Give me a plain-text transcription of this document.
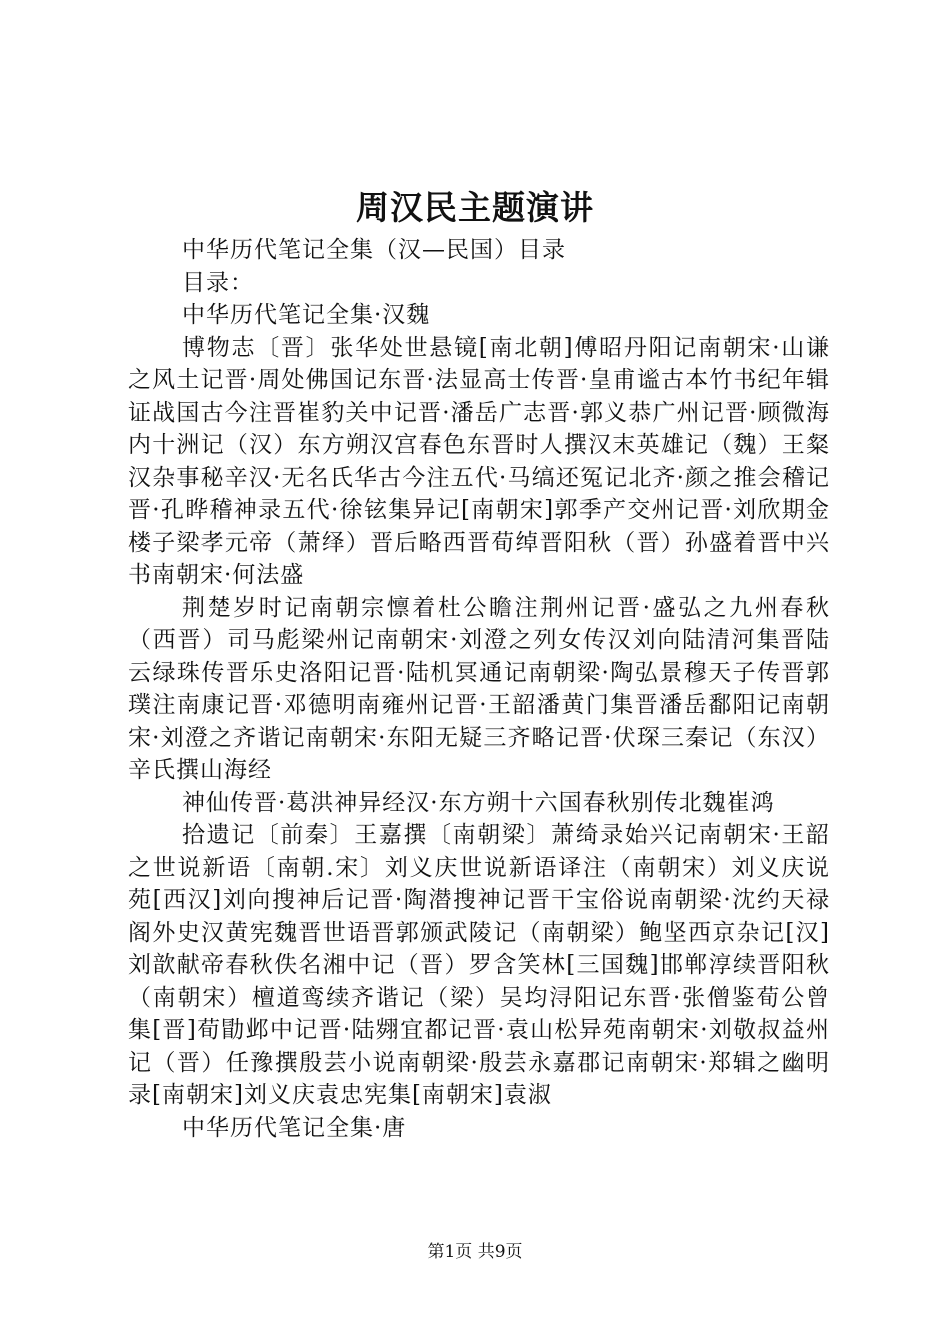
周汉民主题演讲

中华历代笔记全集（汉—民国）目录

目录：

中华历代笔记全集·汉魏

博物志〔晋〕张华处世悬镜[南北朝]傅昭丹阳记南朝宋·山谦之风土记晋·周处佛国记东晋·法显高士传晋·皇甫谧古本竹书纪年辑证战国古今注晋崔豹关中记晋·潘岳广志晋·郭义恭广州记晋·顾微海内十洲记（汉）东方朔汉宫春色东晋时人撰汉末英雄记（魏）王粲汉杂事秘辛汉·无名氏华古今注五代·马缟还冤记北齐·颜之推会稽记晋·孔晔稽神录五代·徐铉集异记[南朝宋]郭季产交州记晋·刘欣期金楼子梁孝元帝（萧绎）晋后略西晋荀绰晋阳秋（晋）孙盛着晋中兴书南朝宋·何法盛

荆楚岁时记南朝宗懔着杜公瞻注荆州记晋·盛弘之九州春秋（西晋）司马彪梁州记南朝宋·刘澄之列女传汉刘向陆清河集晋陆云绿珠传晋乐史洛阳记晋·陆机冥通记南朝梁·陶弘景穆天子传晋郭璞注南康记晋·邓德明南雍州记晋·王韶潘黄门集晋潘岳鄱阳记南朝宋·刘澄之齐谐记南朝宋·东阳无疑三齐略记晋·伏琛三秦记（东汉）辛氏撰山海经

神仙传晋·葛洪神异经汉·东方朔十六国春秋别传北魏崔鸿

拾遗记〔前秦〕王嘉撰〔南朝梁〕萧绮录始兴记南朝宋·王韶之世说新语〔南朝.宋〕刘义庆世说新语译注（南朝宋）刘义庆说苑[西汉]刘向搜神后记晋·陶潜搜神记晋干宝俗说南朝梁·沈约天禄阁外史汉黄宪魏晋世语晋郭颁武陵记（南朝梁）鲍坚西京杂记[汉]刘歆献帝春秋佚名湘中记（晋）罗含笑林[三国魏]邯郸淳续晋阳秋（南朝宋）檀道鸾续齐谐记（梁）吴均浔阳记东晋·张僧鉴荀公曾集[晋]荀勖邺中记晋·陆翙宜都记晋·袁山松异苑南朝宋·刘敬叔益州记（晋）任豫撰殷芸小说南朝梁·殷芸永嘉郡记南朝宋·郑辑之幽明录[南朝宋]刘义庆袁忠宪集[南朝宋]袁淑

中华历代笔记全集·唐

第1页 共9页
